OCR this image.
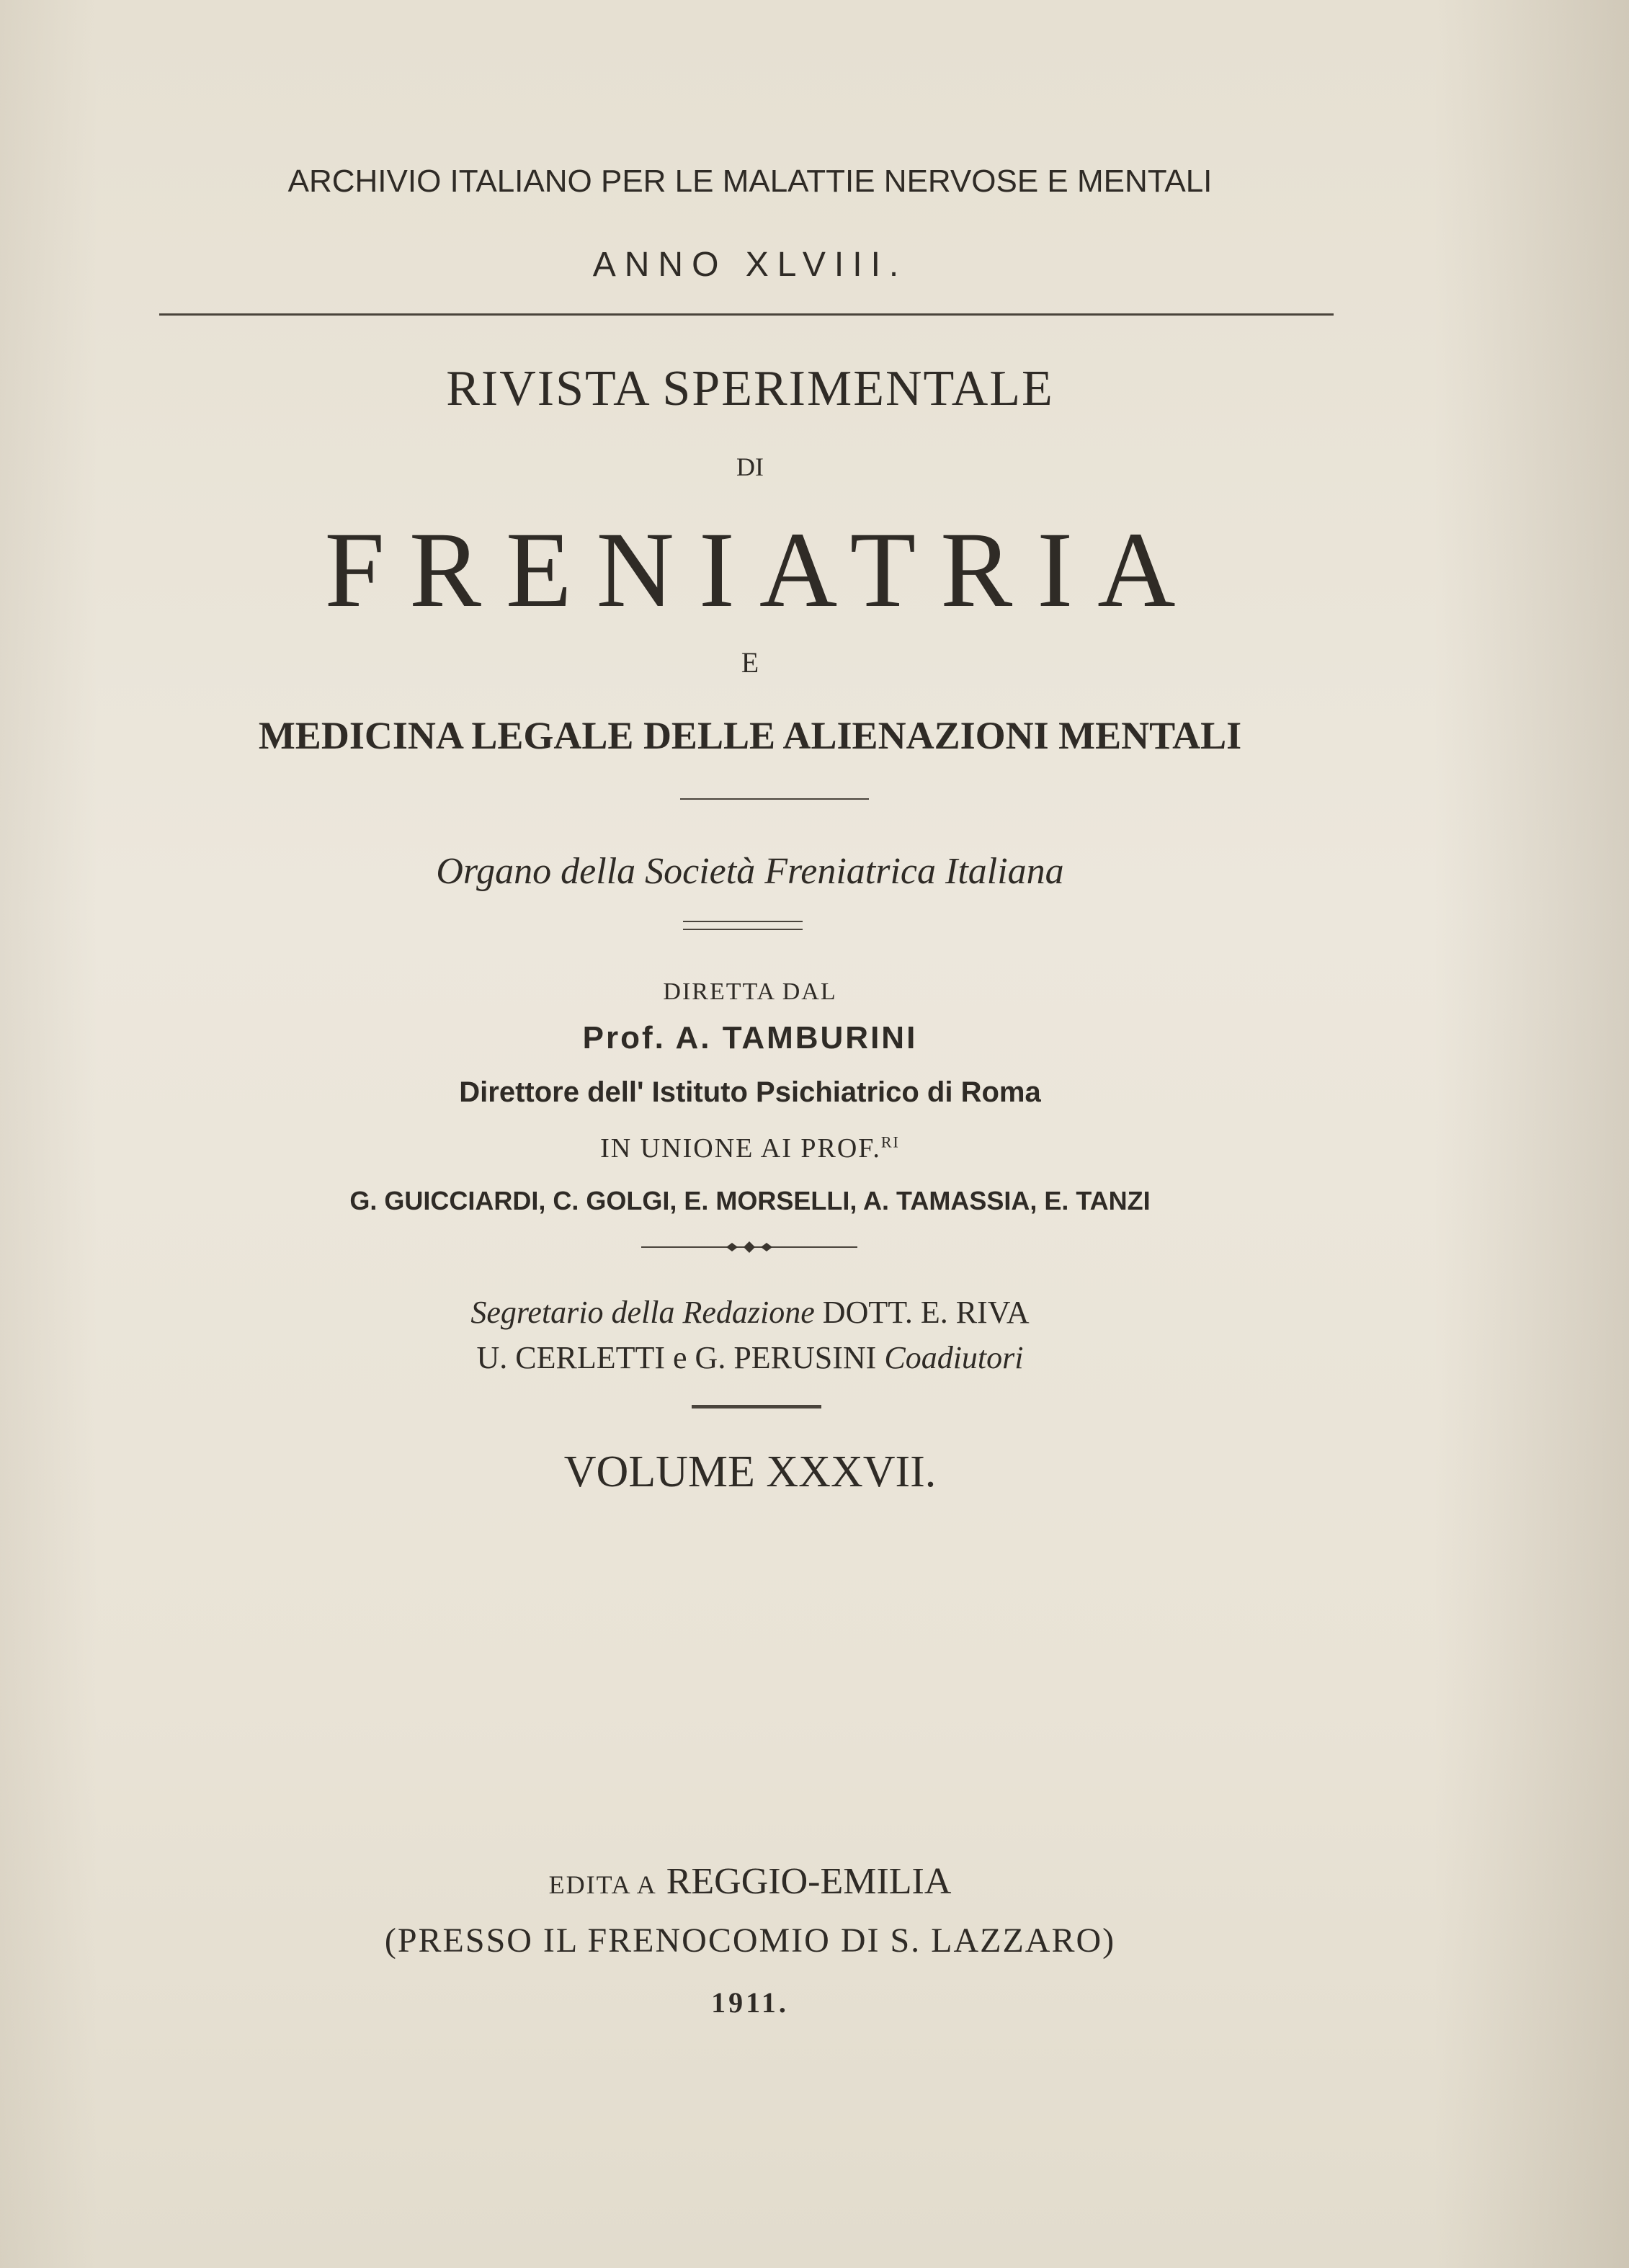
ARCHIVIO ITALIANO PER LE MALATTIE NERVOSE E MENTALI
ANNO XLVIII.
RIVISTA SPERIMENTALE
DI
FRENIATRIA
E
MEDICINA LEGALE DELLE ALIENAZIONI MENTALI
Organo della Società Freniatrica Italiana
DIRETTA DAL
Prof. A. TAMBURINI
Direttore dell' Istituto Psichiatrico di Roma
IN UNIONE AI PROF.$^{RI}$
G. GUICCIARDI, C. GOLGI, E. MORSELLI, A. TAMASSIA, E. TANZI
Segretario della Redazione DOTT. E. RIVA
U. CERLETTI e G. PERUSINI Coadiutori
VOLUME XXXVII.
EDITA A REGGIO-EMILIA
(PRESSO IL FRENOCOMIO DI S. LAZZARO)
1911.
